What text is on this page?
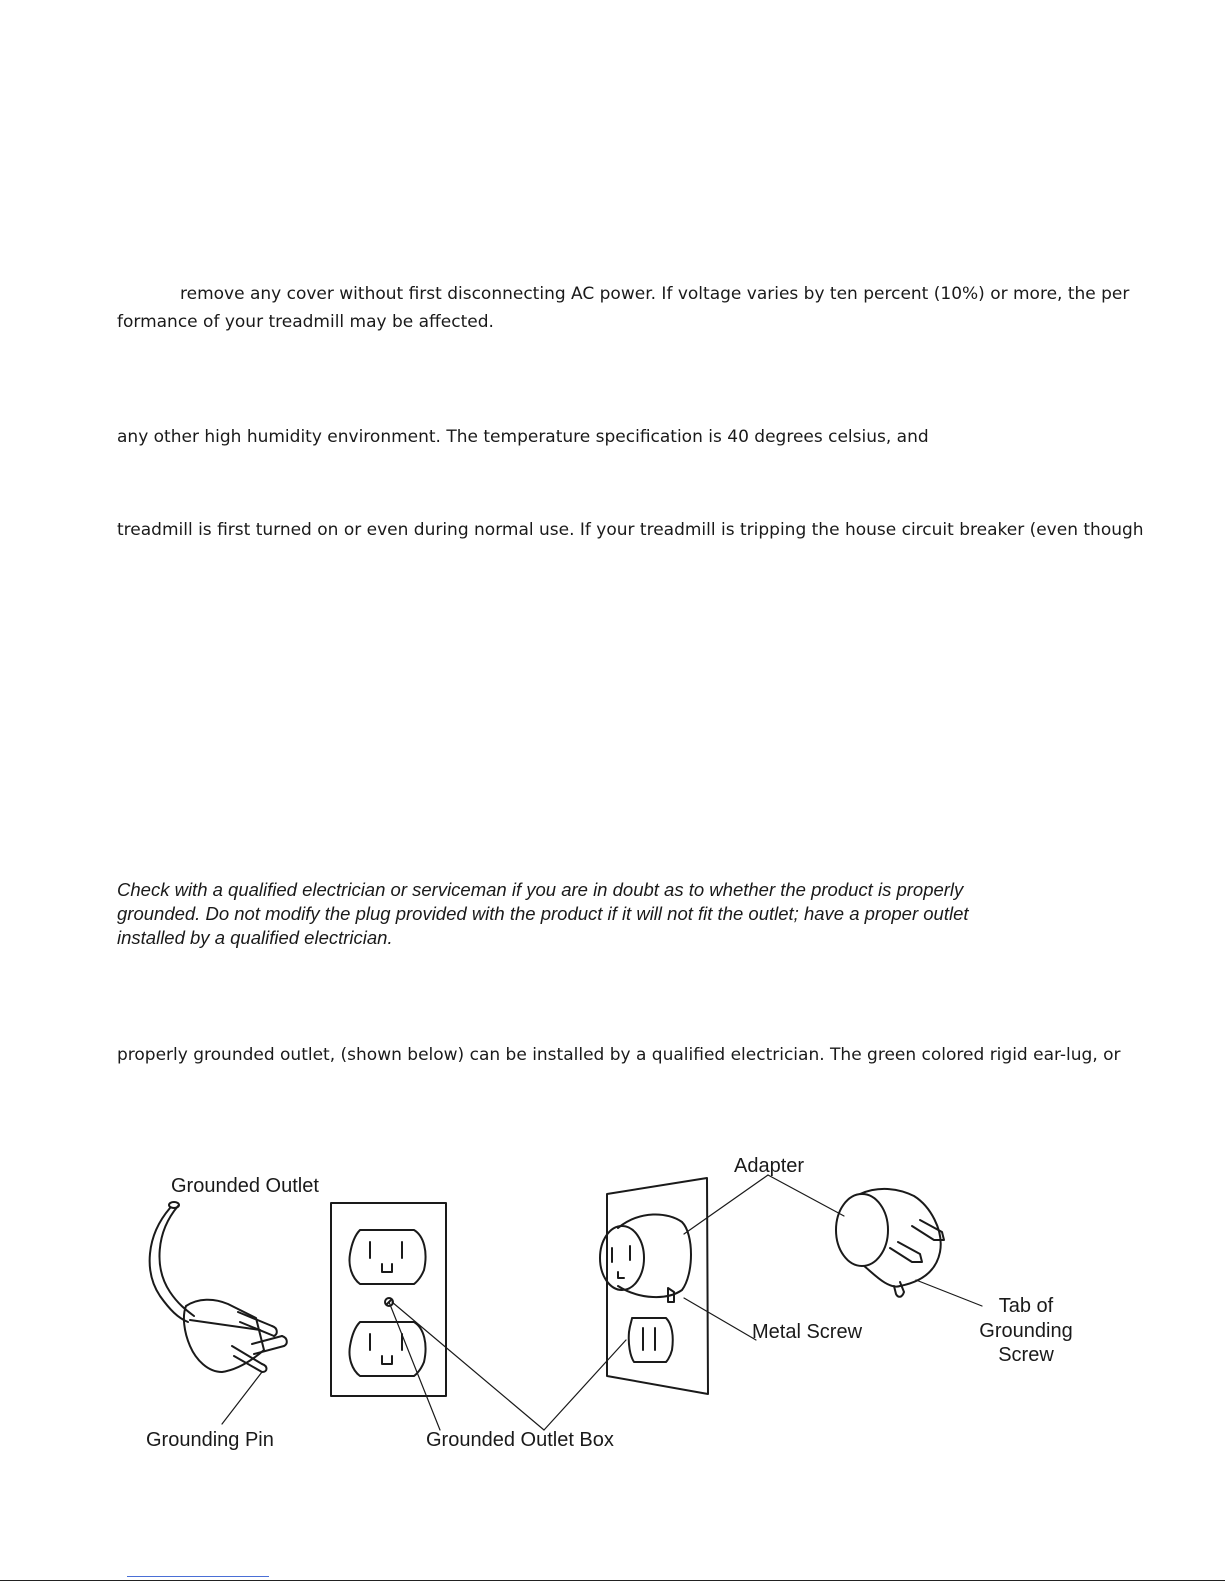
remove any cover without first disconnecting AC power. If voltage varies by ten percent (10%) or more, the per

formance of your treadmill may be affected.

any other high humidity environment. The temperature specification is 40 degrees celsius, and

treadmill is first turned on or even during normal use. If your treadmill is tripping the house circuit breaker (even though

Check with a qualified electrician or serviceman if you are in doubt as to whether the product is properly

grounded. Do not modify the plug provided with the product if it will not fit the outlet; have a proper outlet

installed by a qualified electrician.

properly grounded outlet, (shown below) can be installed by a qualified electrician. The green colored rigid ear-lug, or

Grounded Outlet
Grounding Pin	Grounded Outlet Box
Adapter
Metal Screw
Tab of
Grounding
Screw
